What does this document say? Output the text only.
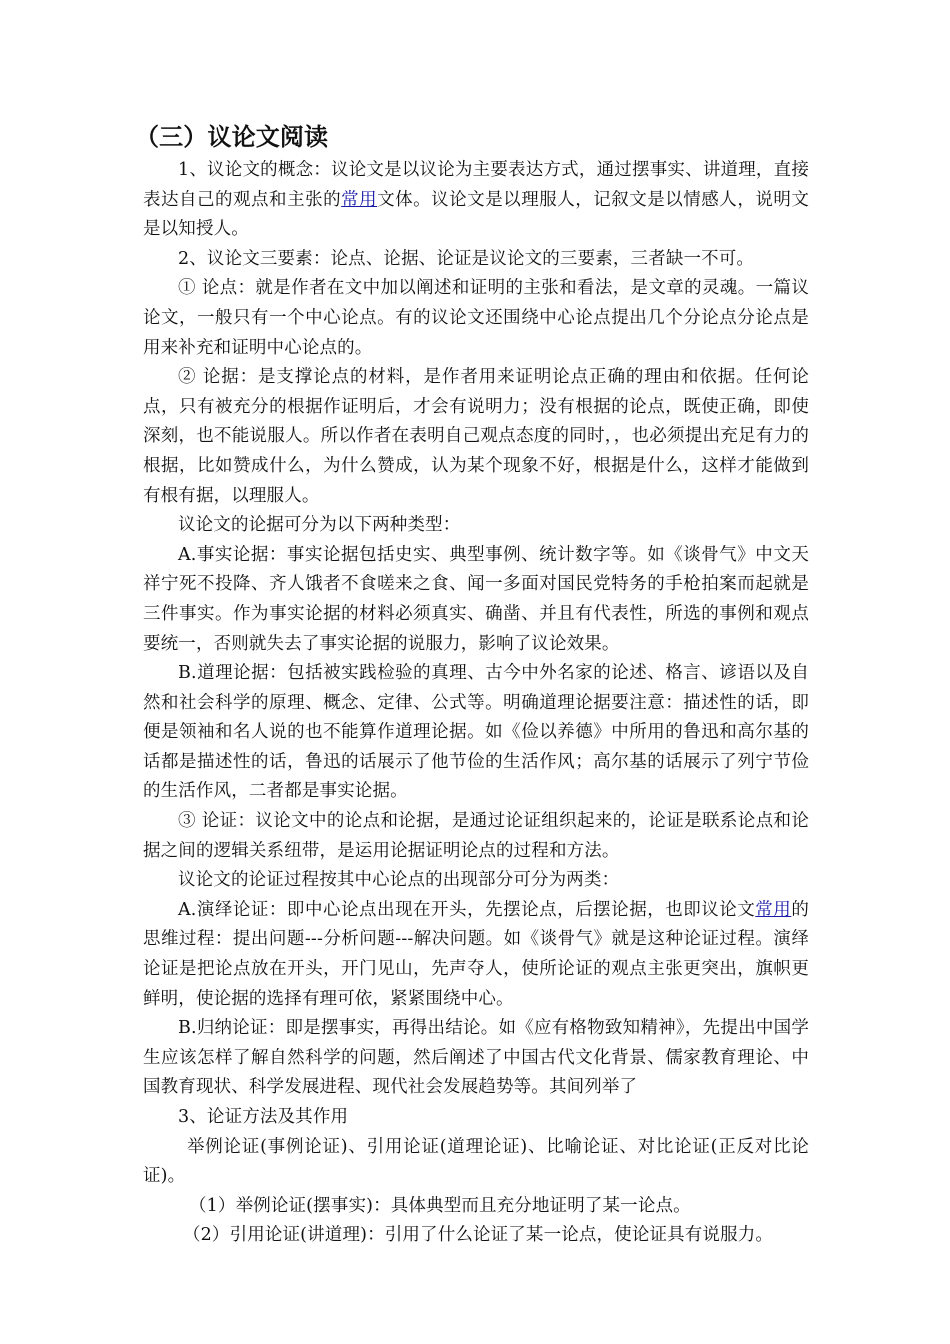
（三）议论文阅读

1、议论文的概念：议论文是以议论为主要表达方式，通过摆事实、讲道理，直接表达自己的观点和主张的常用文体。议论文是以理服人，记叙文是以情感人，说明文是以知授人。

2、议论文三要素：论点、论据、论证是议论文的三要素，三者缺一不可。

① 论点：就是作者在文中加以阐述和证明的主张和看法，是文章的灵魂。一篇议论文，一般只有一个中心论点。有的议论文还围绕中心论点提出几个分论点分论点是用来补充和证明中心论点的。

② 论据：是支撑论点的材料，是作者用来证明论点正确的理由和依据。任何论点，只有被充分的根据作证明后，才会有说明力；没有根据的论点，既使正确，即使深刻，也不能说服人。所以作者在表明自己观点态度的同时，，也必须提出充足有力的根据，比如赞成什么，为什么赞成，认为某个现象不好，根据是什么，这样才能做到有根有据，以理服人。

议论文的论据可分为以下两种类型：

A.事实论据：事实论据包括史实、典型事例、统计数字等。如《谈骨气》中文天祥宁死不投降、齐人饿者不食嗟来之食、闻一多面对国民党特务的手枪拍案而起就是三件事实。作为事实论据的材料必须真实、确凿、并且有代表性，所选的事例和观点要统一，否则就失去了事实论据的说服力，影响了议论效果。

B.道理论据：包括被实践检验的真理、古今中外名家的论述、格言、谚语以及自然和社会科学的原理、概念、定律、公式等。明确道理论据要注意：描述性的话，即便是领袖和名人说的也不能算作道理论据。如《俭以养德》中所用的鲁迅和高尔基的话都是描述性的话，鲁迅的话展示了他节俭的生活作风；高尔基的话展示了列宁节俭的生活作风，二者都是事实论据。

③ 论证：议论文中的论点和论据，是通过论证组织起来的，论证是联系论点和论据之间的逻辑关系纽带，是运用论据证明论点的过程和方法。

议论文的论证过程按其中心论点的出现部分可分为两类：

A.演绎论证：即中心论点出现在开头，先摆论点，后摆论据，也即议论文常用的思维过程：提出问题---分析问题---解决问题。如《谈骨气》就是这种论证过程。演绎论证是把论点放在开头，开门见山，先声夺人，使所论证的观点主张更突出，旗帜更鲜明，使论据的选择有理可依，紧紧围绕中心。

B.归纳论证：即是摆事实，再得出结论。如《应有格物致知精神》，先提出中国学生应该怎样了解自然科学的问题，然后阐述了中国古代文化背景、儒家教育理论、中国教育现状、科学发展进程、现代社会发展趋势等。其间列举了

3、论证方法及其作用

举例论证(事例论证)、引用论证(道理论证)、比喻论证、对比论证(正反对比论证)。

（1）举例论证(摆事实)：具体典型而且充分地证明了某一论点。

（2）引用论证(讲道理)：引用了什么论证了某一论点，使论证具有说服力。
